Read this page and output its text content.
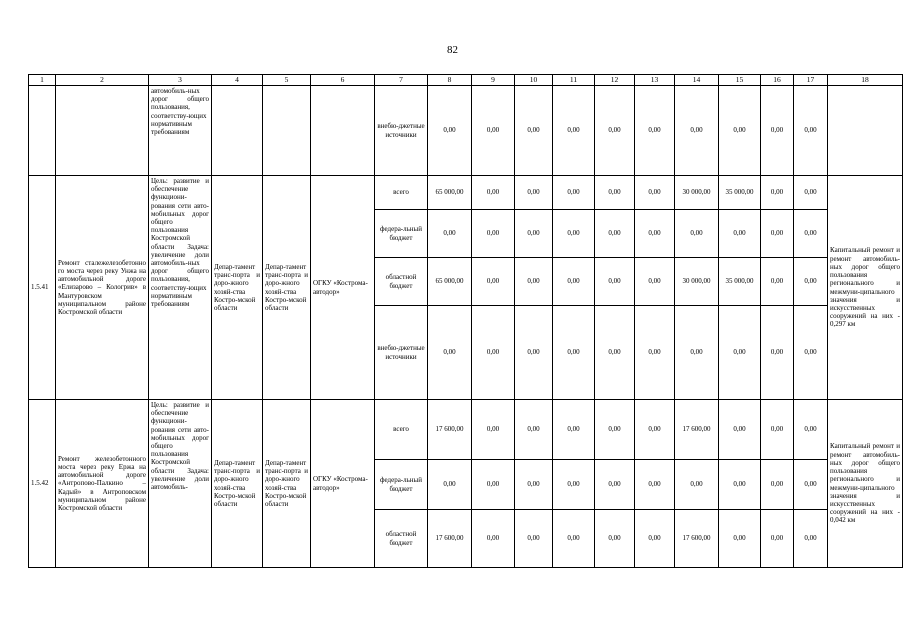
82
1	2	3	4	5	6	7	8	9	10	11	12	13	14	15	16	17	18
		автомобиль-ных дорог общего пользования, соответству-ющих нормативным требованиям				внебю-джетные источники	0,00	0,00	0,00	0,00	0,00	0,00	0,00	0,00	0,00	0,00	
1.5.41	Ремонт сталежелезобетонно го моста через реку Унжа на автомобильной дороге «Елизарово – Кологрив» в Мантуровском муниципальном районе Костромской области	Цель: развитие и обеспечение функциони-рования сети авто-мобильных дорог общего пользования Костромской области Задача: увеличение доли автомобиль-ных дорог общего пользования, соответству-ющих нормативным требованиям	Депар-тамент транс-порта и доро-жного хозяй-ства Костро-мской области	Депар-тамент транс-порта и доро-жного хозяй-ства Костро-мской области	ОГКУ «Кострома-автодор»	всего	65 000,00	0,00	0,00	0,00	0,00	0,00	30 000,00	35 000,00	0,00	0,00	Капитальный ремонт и ремонт автомобиль-ных дорог общего пользования регионального и межмуни-ципального значения и искусственных сооружений на них - 0,297 км
						федера-льный бюджет	0,00	0,00	0,00	0,00	0,00	0,00	0,00	0,00	0,00	0,00	
						областной бюджет	65 000,00	0,00	0,00	0,00	0,00	0,00	30 000,00	35 000,00	0,00	0,00	
						внебю-джетные источники	0,00	0,00	0,00	0,00	0,00	0,00	0,00	0,00	0,00	0,00	
1.5.42	Ремонт железобетонного моста через реку Ержа на автомобильной дороге «Антропово-Палкино – Кадый» в Антроповском муниципальном районе Костромской области	Цель: развитие и обеспечение функциони-рования сети авто-мобильных дорог общего пользования Костромской области Задача: увеличение доли автомобиль-	Депар-тамент транс-порта и доро-жного хозяй-ства Костро-мской области	Депар-тамент транс-порта и доро-жного хозяй-ства Костро-мской области	ОГКУ «Кострома-автодор»	всего	17 600,00	0,00	0,00	0,00	0,00	0,00	17 600,00	0,00	0,00	0,00	Капитальный ремонт и ремонт автомобиль-ных дорог общего пользования регионального и межмуни-ципального значения и искусственных сооружений на них - 0,042 км
						федера-льный бюджет	0,00	0,00	0,00	0,00	0,00	0,00	0,00	0,00	0,00	0,00	
						областной бюджет	17 600,00	0,00	0,00	0,00	0,00	0,00	17 600,00	0,00	0,00	0,00	
